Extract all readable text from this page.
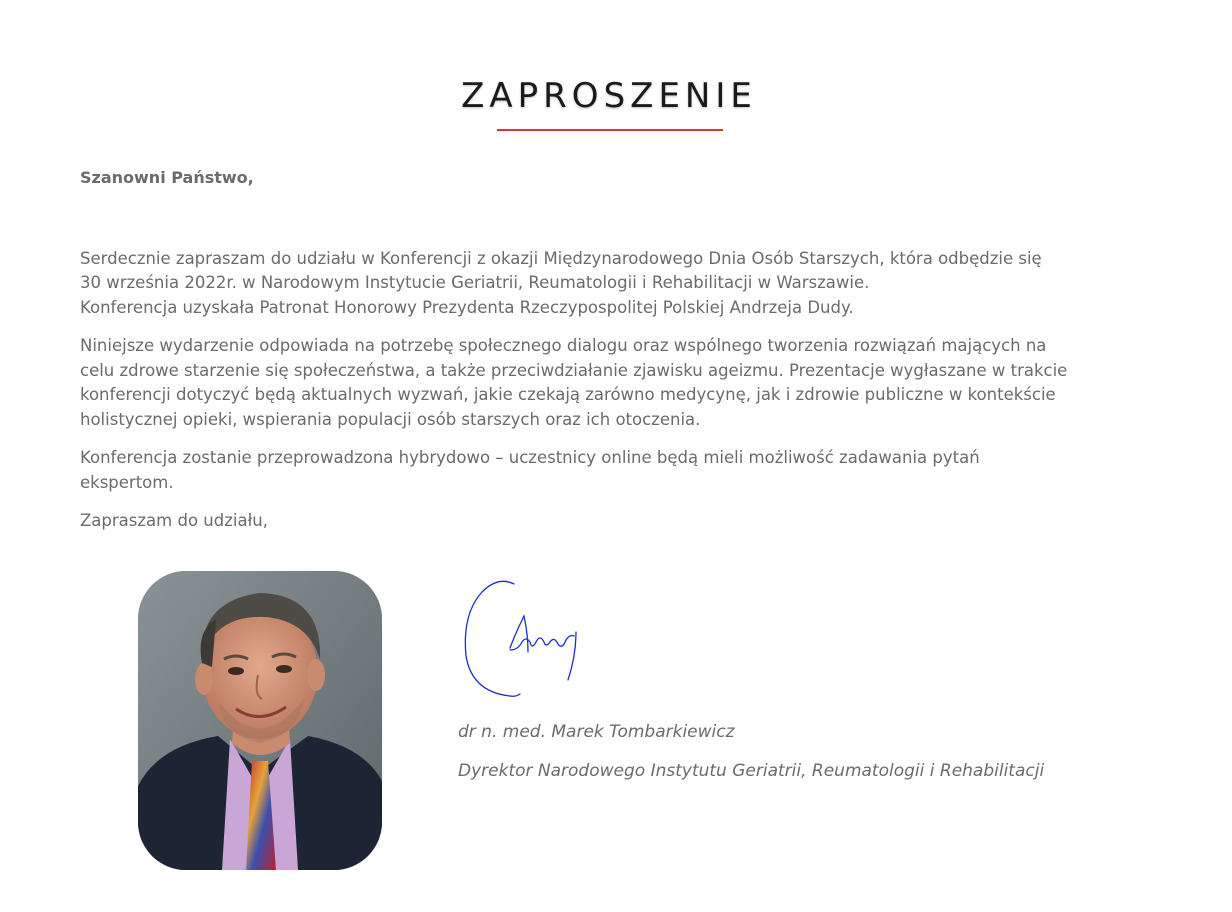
ZAPROSZENIE
Szanowni Państwo,

Serdecznie zapraszam do udziału w Konferencji z okazji Międzynarodowego Dnia Osób Starszych, która odbędzie się
30 września 2022r. w Narodowym Instytucie Geriatrii, Reumatologii i Rehabilitacji w Warszawie.
Konferencja uzyskała Patronat Honorowy Prezydenta Rzeczypospolitej Polskiej Andrzeja Dudy.

Niniejsze wydarzenie odpowiada na potrzebę społecznego dialogu oraz wspólnego tworzenia rozwiązań mających na
celu zdrowe starzenie się społeczeństwa, a także przeciwdziałanie zjawisku ageizmu. Prezentacje wygłaszane w trakcie
konferencji dotyczyć będą aktualnych wyzwań, jakie czekają zarówno medycynę, jak i zdrowie publiczne w kontekście
holistycznej opieki, wspierania populacji osób starszych oraz ich otoczenia.

Konferencja zostanie przeprowadzona hybrydowo – uczestnicy online będą mieli możliwość zadawania pytań
ekspertom.

Zapraszam do udziału,

dr n. med. Marek Tombarkiewicz
Dyrektor Narodowego Instytutu Geriatrii, Reumatologii i Rehabilitacji
